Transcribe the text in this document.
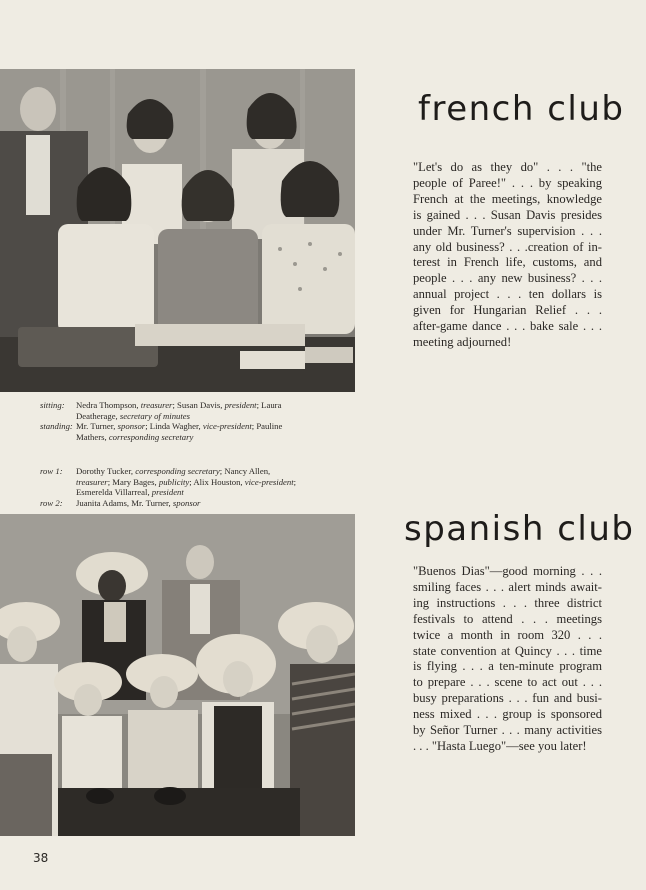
french club
"Let's do as they do" . . . "the
people of Paree!" . . . by speaking
French at the meetings, knowledge
is gained . . . Susan Davis presides
under Mr. Turner's supervision . . .
any old business? . . .creation of in-
terest in French life, customs, and
people . . . any new business? . . .
annual project . . . ten dollars is
given for Hungarian Relief . . .
after-game dance . . . bake sale . . .
meeting adjourned!
sitting:	Nedra Thompson, treasurer; Susan Davis, president; Laura
Deatherage, secretary of minutes
standing: Mr. Turner, sponsor; Linda Wagher, vice-president; Pauline
Mathers, corresponding secretary
row 1:	Dorothy Tucker, corresponding secretary; Nancy Allen,
treasurer; Mary Bages, publicity; Alix Houston, vice-president;
Esmerelda Villarreal, president
row 2:	Juanita Adams, Mr. Turner, sponsor
spanish club
"Buenos Dias"—good morning . . .
smiling faces . . . alert minds await-
ing instructions . . . three district
festivals to attend . . . meetings
twice a month in room 320 . . .
state convention at Quincy . . . time
is flying . . . a ten-minute program
to prepare . . . scene to act out . . .
busy preparations . . . fun and busi-
ness mixed . . . group is sponsored
by Señor Turner . . . many activities
. . . "Hasta Luego"—see you later!
38
